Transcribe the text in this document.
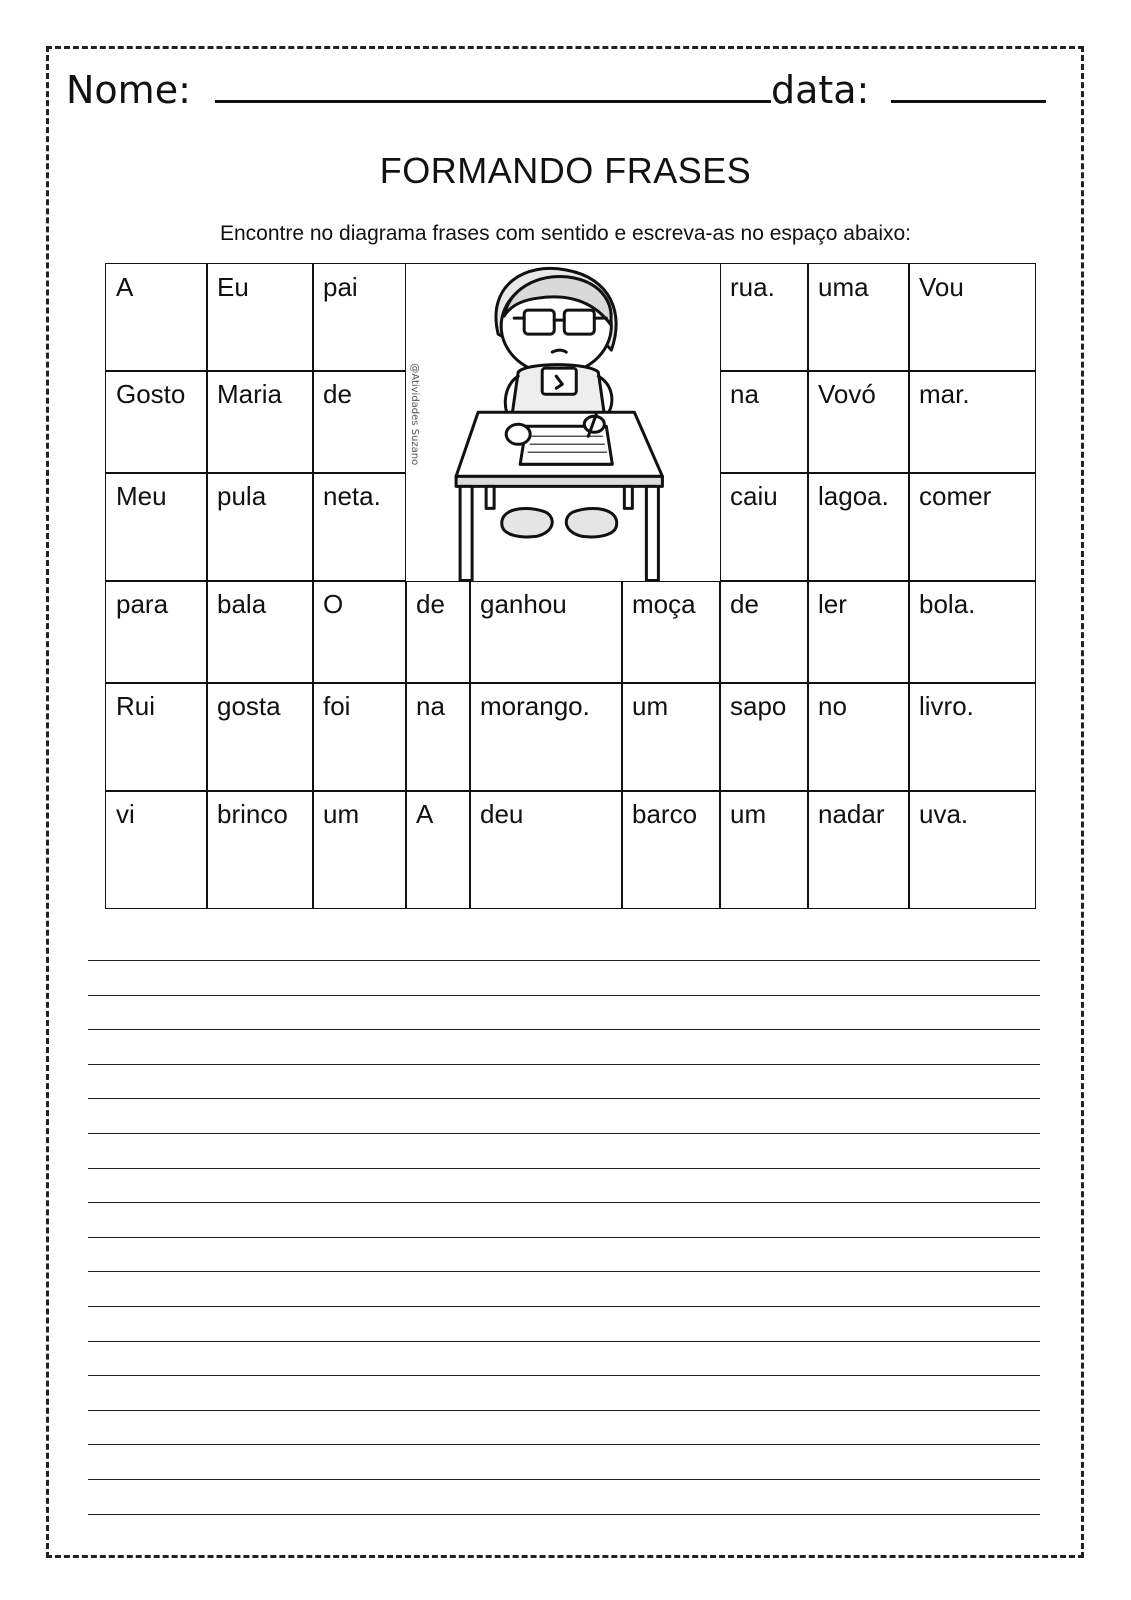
Nome:	data:
FORMANDO FRASES
Encontre no diagrama frases com sentido e escreva-as no espaço abaixo:
A	Eu	pai	rua.	uma	Vou
Gosto	Maria	de	na	Vovó	mar.
Meu	pula	neta.	caiu	lagoa.	comer
para	bala	O	de	ganhou	moça	de	ler	bola.
Rui	gosta	foi	na	morango.	um	sapo	no	livro.
vi	brinco	um	A	deu	barco	um	nadar	uva.
@Atividades Suzano
